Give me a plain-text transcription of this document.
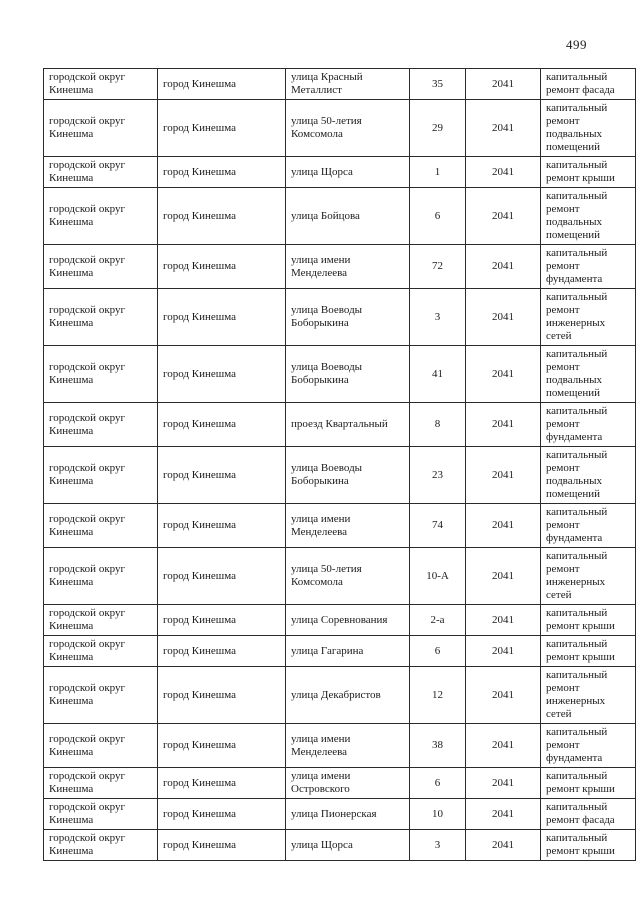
499
городской округ Кинешма	город Кинешма	улица Красный Металлист	35	2041	капитальный ремонт фасада
городской округ Кинешма	город Кинешма	улица 50-летия Комсомола	29	2041	капитальный ремонт подвальных помещений
городской округ Кинешма	город Кинешма	улица Щорса	1	2041	капитальный ремонт крыши
городской округ Кинешма	город Кинешма	улица Бойцова	6	2041	капитальный ремонт подвальных помещений
городской округ Кинешма	город Кинешма	улица имени Менделеева	72	2041	капитальный ремонт фундамента
городской округ Кинешма	город Кинешма	улица Воеводы Боборыкина	3	2041	капитальный ремонт инженерных сетей
городской округ Кинешма	город Кинешма	улица Воеводы Боборыкина	41	2041	капитальный ремонт подвальных помещений
городской округ Кинешма	город Кинешма	проезд Квартальный	8	2041	капитальный ремонт фундамента
городской округ Кинешма	город Кинешма	улица Воеводы Боборыкина	23	2041	капитальный ремонт подвальных помещений
городской округ Кинешма	город Кинешма	улица имени Менделеева	74	2041	капитальный ремонт фундамента
городской округ Кинешма	город Кинешма	улица 50-летия Комсомола	10-А	2041	капитальный ремонт инженерных сетей
городской округ Кинешма	город Кинешма	улица Соревнования	2-а	2041	капитальный ремонт крыши
городской округ Кинешма	город Кинешма	улица Гагарина	6	2041	капитальный ремонт крыши
городской округ Кинешма	город Кинешма	улица Декабристов	12	2041	капитальный ремонт инженерных сетей
городской округ Кинешма	город Кинешма	улица имени Менделеева	38	2041	капитальный ремонт фундамента
городской округ Кинешма	город Кинешма	улица имени Островского	6	2041	капитальный ремонт крыши
городской округ Кинешма	город Кинешма	улица Пионерская	10	2041	капитальный ремонт фасада
городской округ Кинешма	город Кинешма	улица Щорса	3	2041	капитальный ремонт крыши
